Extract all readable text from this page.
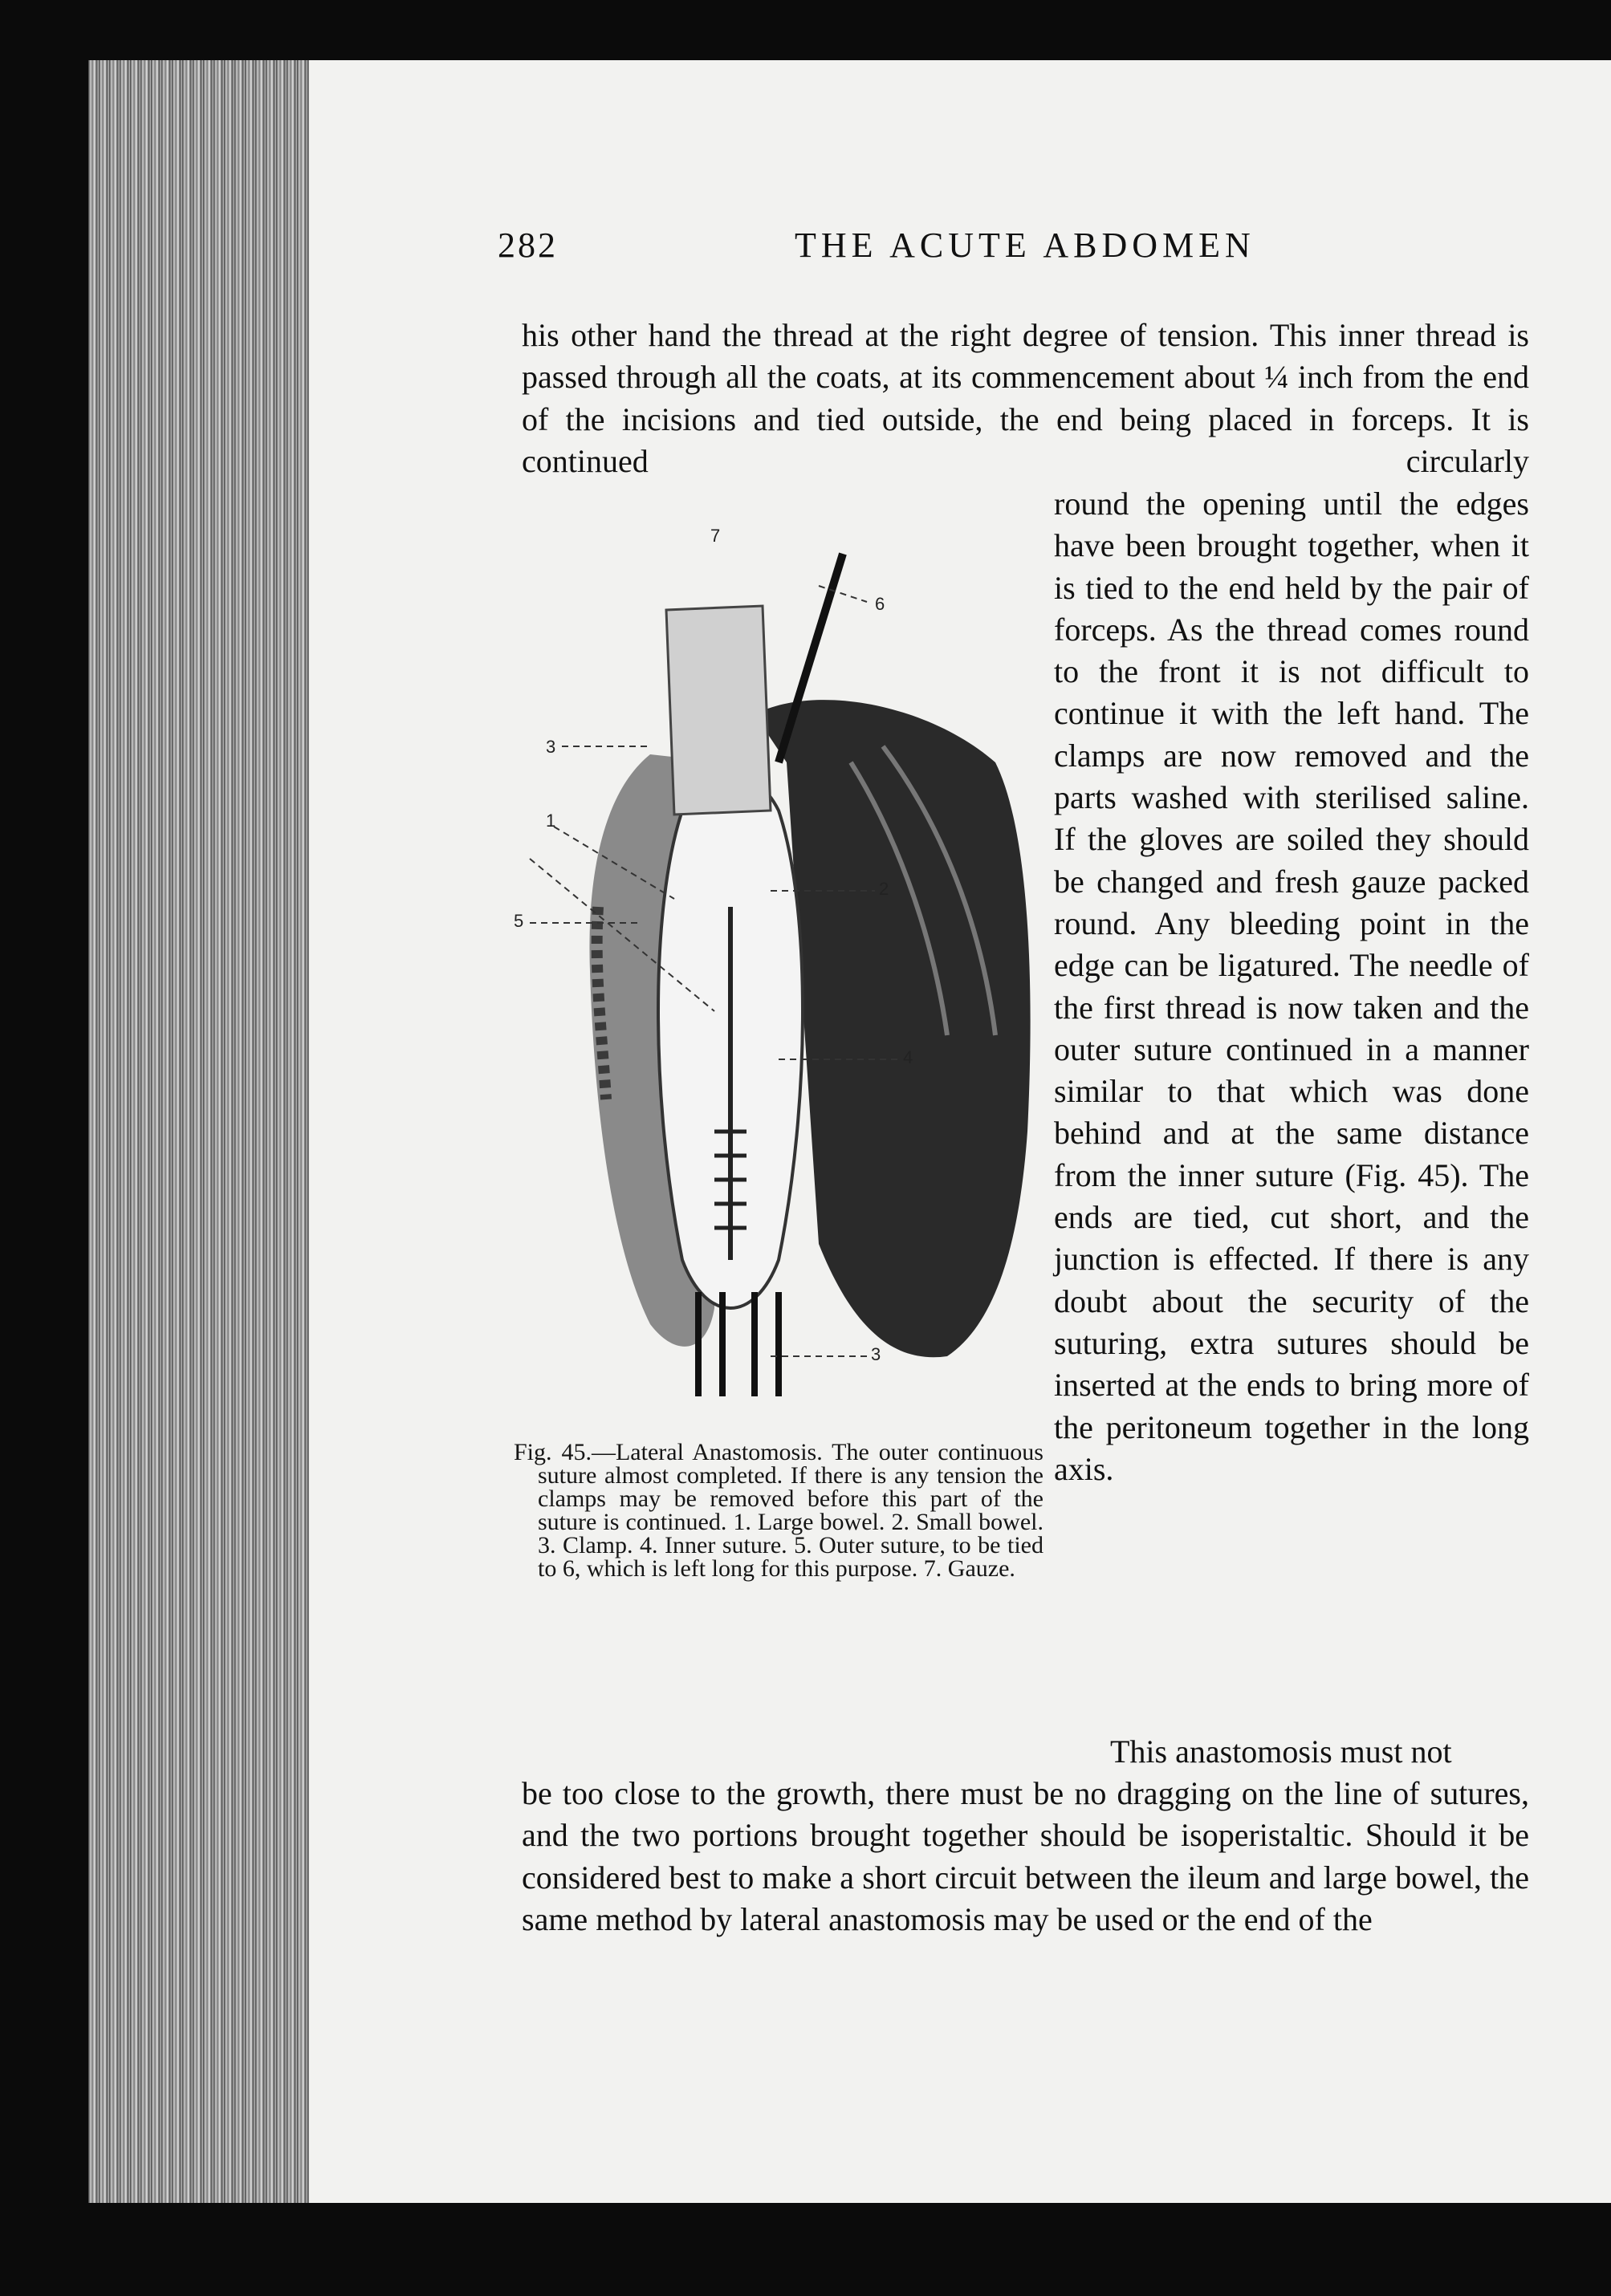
282	THE ACUTE ABDOMEN

his other hand the thread at the right degree of tension. This inner thread is passed through all the coats, at its commencement about ¼ inch from the end of the incisions and tied outside, the end being placed in forceps. It is continued circularly

round the opening until the edges have been brought together, when it is tied to the end held by the pair of forceps. As the thread comes round to the front it is not difficult to continue it with the left hand. The clamps are now removed and the parts washed with sterilised saline. If the gloves are soiled they should be changed and fresh gauze packed round. Any bleeding point in the edge can be ligatured. The needle of the first thread is now taken and the outer suture continued in a manner similar to that which was done behind and at the same distance from the inner suture (Fig. 45). The ends are tied, cut short, and the junction is effected. If there is any doubt about the security of the suturing, extra sutures should be inserted at the ends to bring more of the peritoneum together in the long axis.

This anastomosis must not

be too close to the growth, there must be no dragging on the line of sutures, and the two portions brought together should be isoperistaltic. Should it be considered best to make a short circuit between the ileum and large bowel, the same method by lateral anastomosis may be used or the end of the

7
6
3
2
1
4
5
3

Fig. 45.—Lateral Anastomosis. The outer continuous suture almost completed. If there is any tension the clamps may be removed before this part of the suture is continued. 1. Large bowel. 2. Small bowel. 3. Clamp. 4. Inner suture. 5. Outer suture, to be tied to 6, which is left long for this purpose. 7. Gauze.
